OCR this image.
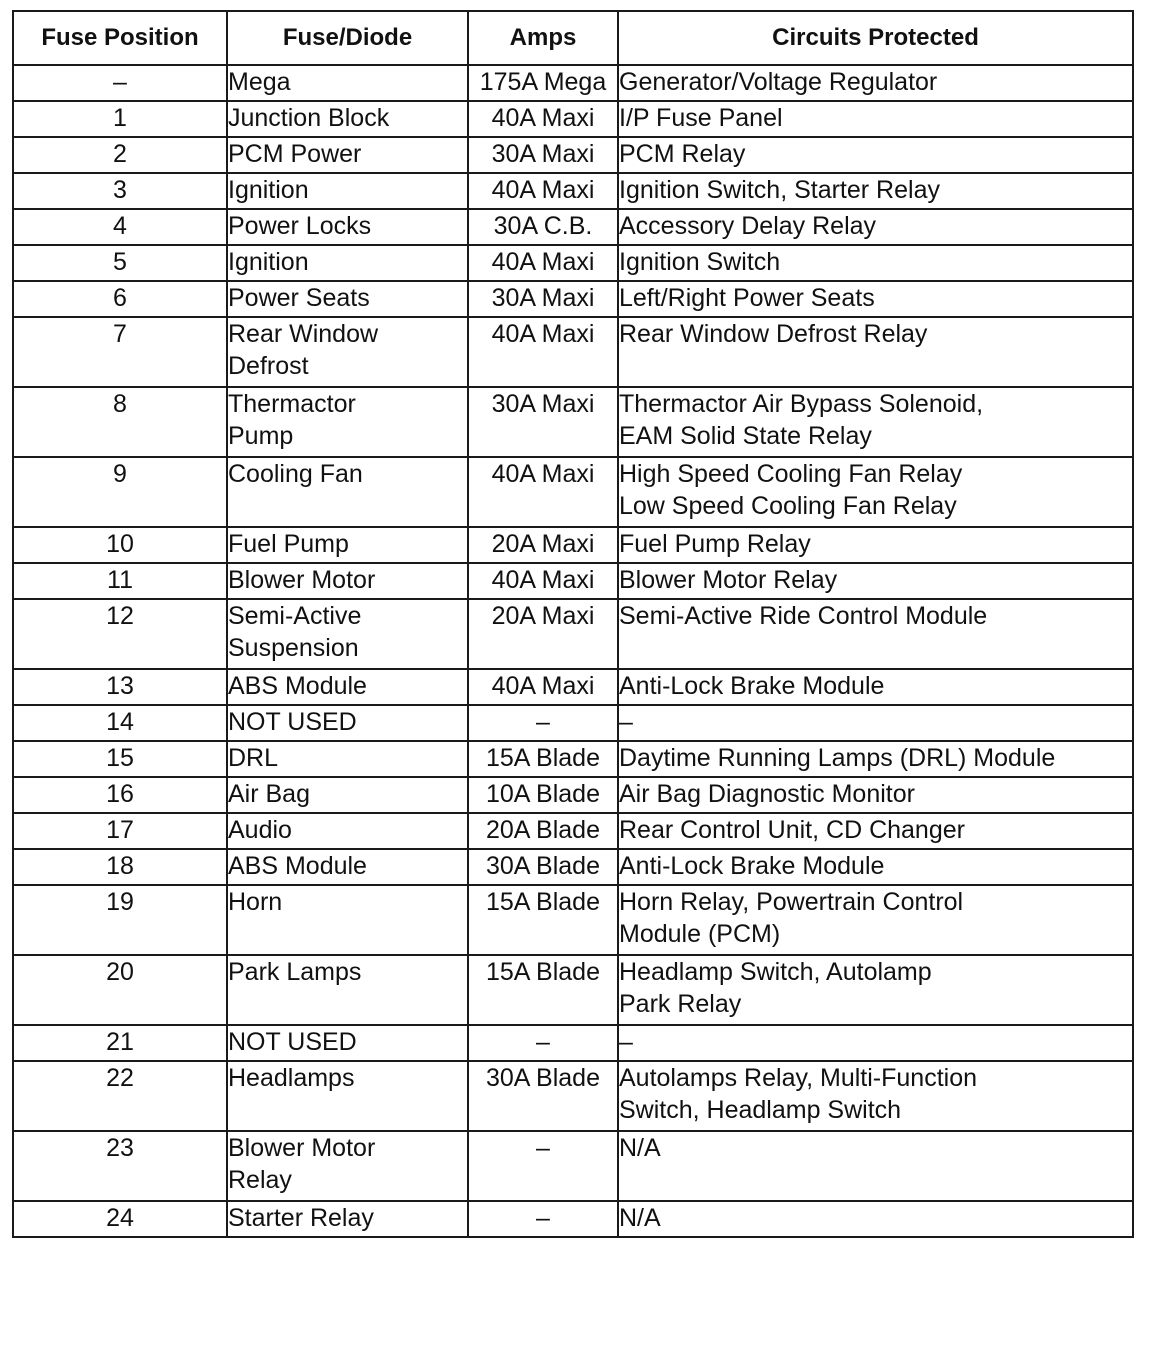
Fuse Position	Fuse/Diode	Amps	Circuits Protected
–	Mega	175A Mega	Generator/Voltage Regulator
1	Junction Block	40A Maxi	I/P Fuse Panel
2	PCM Power	30A Maxi	PCM Relay
3	Ignition	40A Maxi	Ignition Switch, Starter Relay
4	Power Locks	30A C.B.	Accessory Delay Relay
5	Ignition	40A Maxi	Ignition Switch
6	Power Seats	30A Maxi	Left/Right Power Seats
7	Rear Window
Defrost	40A Maxi	Rear Window Defrost Relay
8	Thermactor
Pump	30A Maxi	Thermactor Air Bypass Solenoid,
EAM Solid State Relay
9	Cooling Fan	40A Maxi	High Speed Cooling Fan Relay
Low Speed Cooling Fan Relay
10	Fuel Pump	20A Maxi	Fuel Pump Relay
11	Blower Motor	40A Maxi	Blower Motor Relay
12	Semi-Active
Suspension	20A Maxi	Semi-Active Ride Control Module
13	ABS Module	40A Maxi	Anti-Lock Brake Module
14	NOT USED	–	–
15	DRL	15A Blade	Daytime Running Lamps (DRL) Module
16	Air Bag	10A Blade	Air Bag Diagnostic Monitor
17	Audio	20A Blade	Rear Control Unit, CD Changer
18	ABS Module	30A Blade	Anti-Lock Brake Module
19	Horn	15A Blade	Horn Relay, Powertrain Control
Module (PCM)
20	Park Lamps	15A Blade	Headlamp Switch, Autolamp
Park Relay
21	NOT USED	–	–
22	Headlamps	30A Blade	Autolamps Relay, Multi-Function
Switch, Headlamp Switch
23	Blower Motor
Relay	–	N/A
24	Starter Relay	–	N/A
